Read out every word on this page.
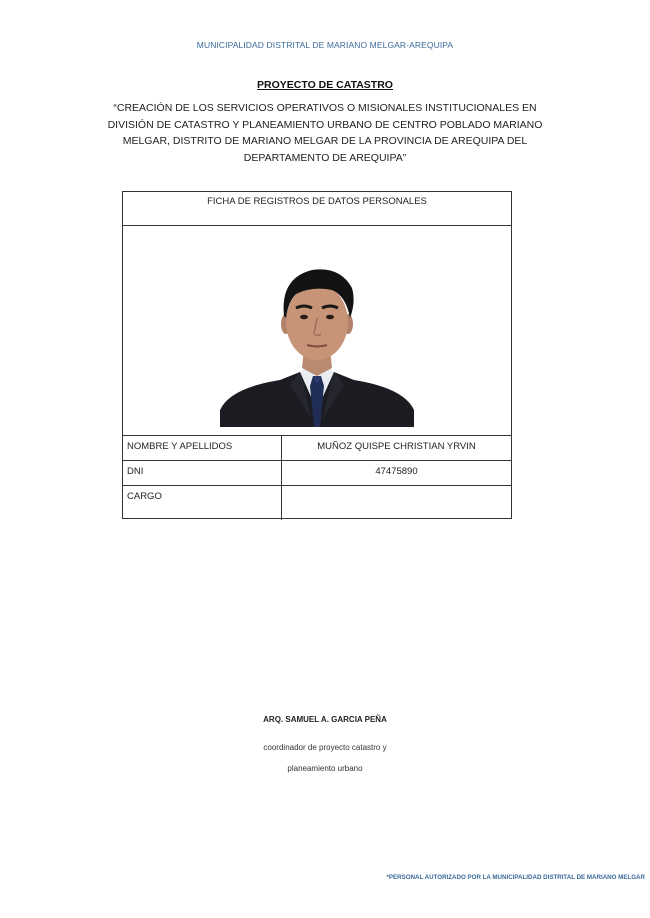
MUNICIPALIDAD DISTRITAL DE MARIANO MELGAR-AREQUIPA
PROYECTO DE CATASTRO
“CREACIÓN DE LOS SERVICIOS OPERATIVOS O MISIONALES INSTITUCIONALES EN DIVISIÓN DE CATASTRO Y PLANEAMIENTO URBANO DE CENTRO POBLADO MARIANO MELGAR, DISTRITO DE MARIANO MELGAR DE LA PROVINCIA DE AREQUIPA DEL DEPARTAMENTO DE AREQUIPA”
FICHA DE REGISTROS DE DATOS PERSONALES
NOMBRE Y APELLIDOS	MUÑOZ QUISPE CHRISTIAN YRVIN
DNI	47475890
CARGO
ARQ. SAMUEL A. GARCIA PEÑA
coordinador de proyecto catastro y
planeamiento urbano
*PERSONAL AUTORIZADO POR LA MUNICIPALIDAD DISTRITAL DE MARIANO MELGAR
